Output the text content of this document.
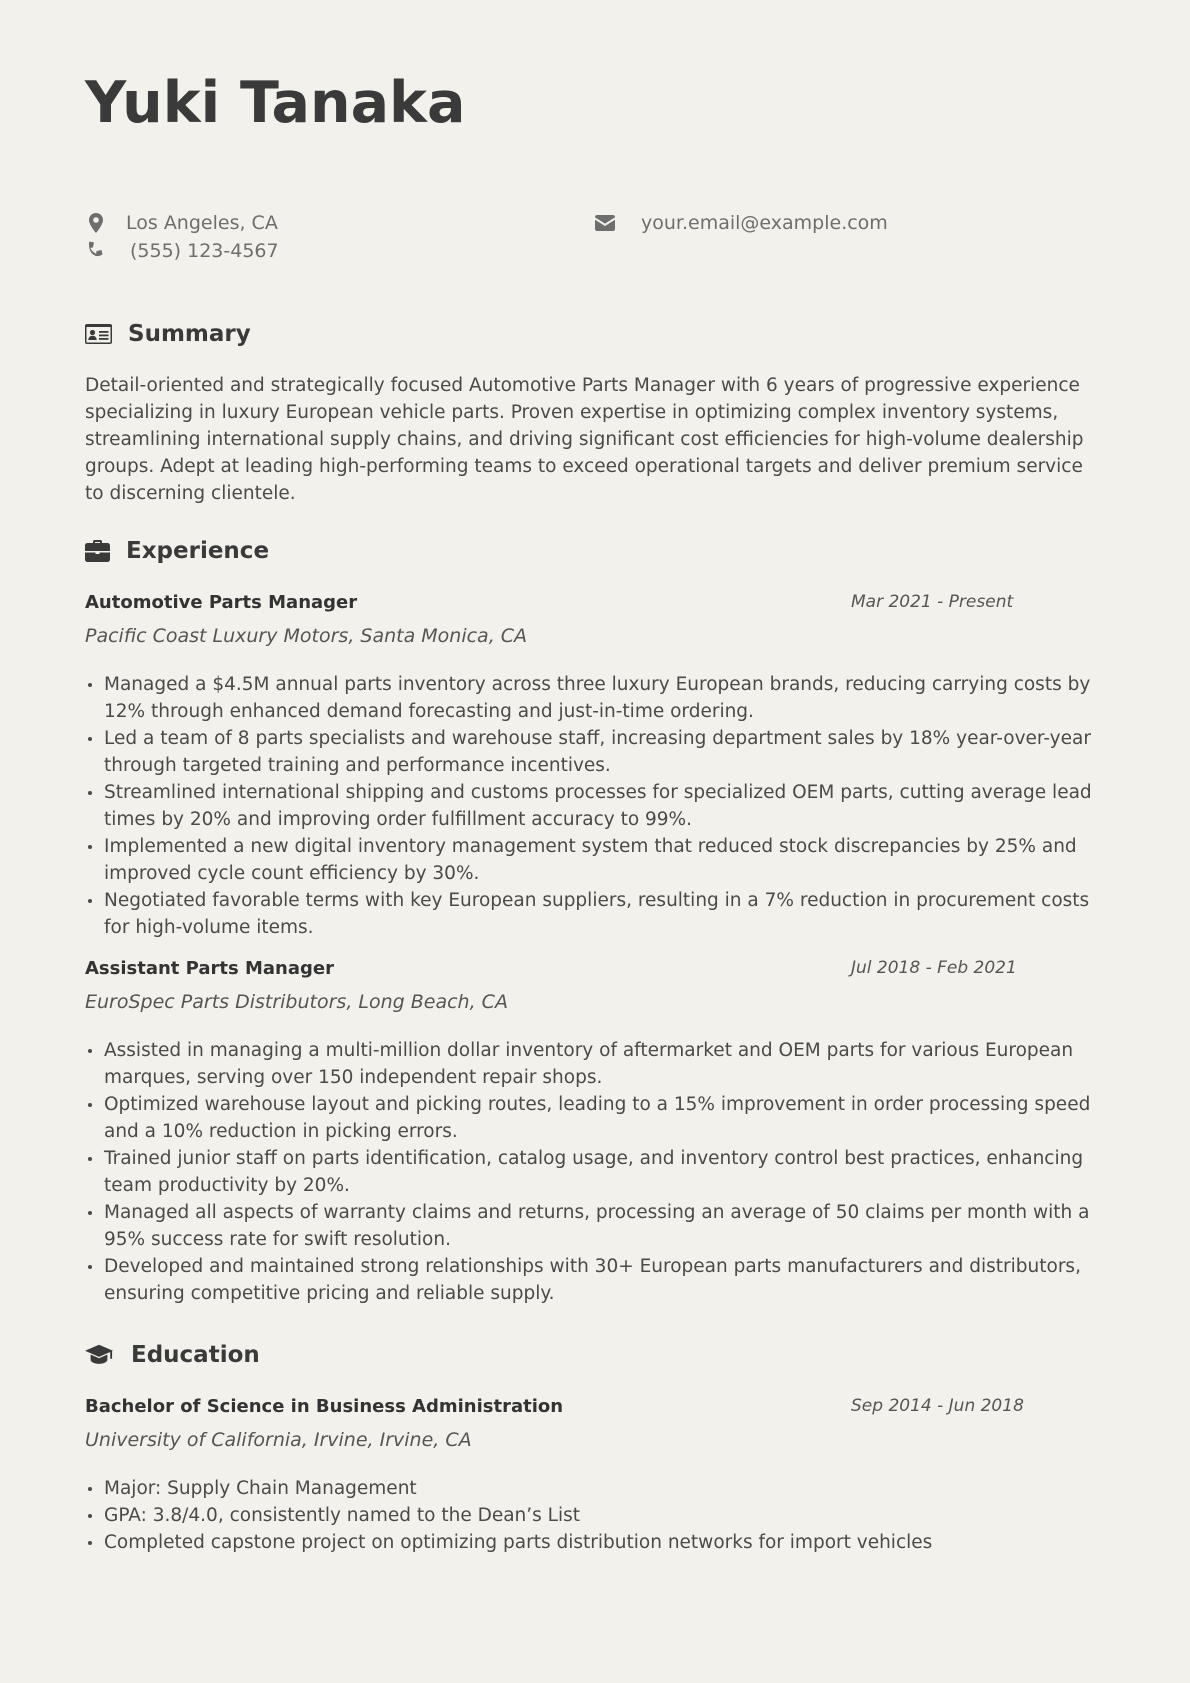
Yuki Tanaka
Los Angeles, CA
(555) 123-4567
your.email@example.com
Summary

Detail-oriented and strategically focused Automotive Parts Manager with 6 years of progressive experience specializing in luxury European vehicle parts. Proven expertise in optimizing complex inventory systems, streamlining international supply chains, and driving significant cost efficiencies for high-volume dealership groups. Adept at leading high-performing teams to exceed operational targets and deliver premium service to discerning clientele.

Experience
Automotive Parts Manager	Mar 2021 - Present
Pacific Coast Luxury Motors, Santa Monica, CA
Managed a $4.5M annual parts inventory across three luxury European brands, reducing carrying costs by 12% through enhanced demand forecasting and just-in-time ordering.
Led a team of 8 parts specialists and warehouse staff, increasing department sales by 18% year-over-year through targeted training and performance incentives.
Streamlined international shipping and customs processes for specialized OEM parts, cutting average lead times by 20% and improving order fulfillment accuracy to 99%.
Implemented a new digital inventory management system that reduced stock discrepancies by 25% and improved cycle count efficiency by 30%.
Negotiated favorable terms with key European suppliers, resulting in a 7% reduction in procurement costs for high-volume items.
Assistant Parts Manager	Jul 2018 - Feb 2021
EuroSpec Parts Distributors, Long Beach, CA
Assisted in managing a multi-million dollar inventory of aftermarket and OEM parts for various European marques, serving over 150 independent repair shops.
Optimized warehouse layout and picking routes, leading to a 15% improvement in order processing speed and a 10% reduction in picking errors.
Trained junior staff on parts identification, catalog usage, and inventory control best practices, enhancing team productivity by 20%.
Managed all aspects of warranty claims and returns, processing an average of 50 claims per month with a 95% success rate for swift resolution.
Developed and maintained strong relationships with 30+ European parts manufacturers and distributors, ensuring competitive pricing and reliable supply.
Education
Bachelor of Science in Business Administration	Sep 2014 - Jun 2018
University of California, Irvine, Irvine, CA
Major: Supply Chain Management
GPA: 3.8/4.0, consistently named to the Dean’s List
Completed capstone project on optimizing parts distribution networks for import vehicles
